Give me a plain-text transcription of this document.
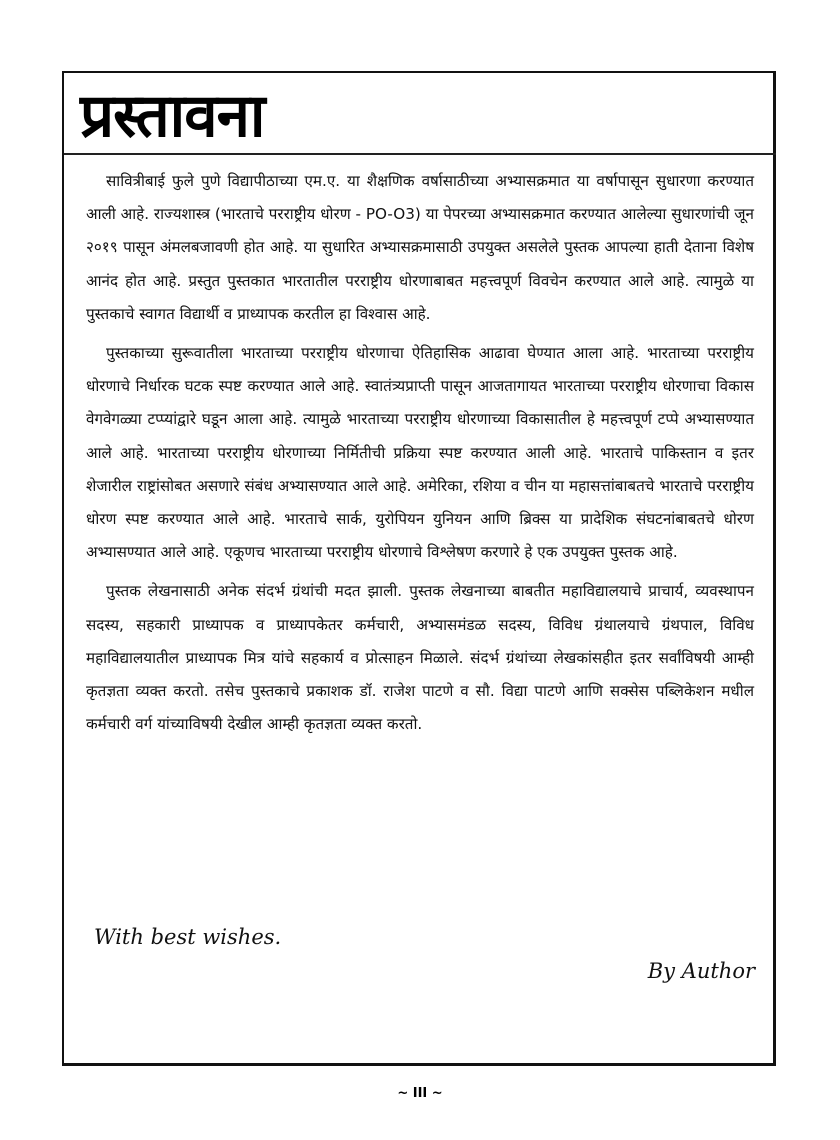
प्रस्तावना

सावित्रीबाई फुले पुणे विद्यापीठाच्या एम.ए. या शैक्षणिक वर्षासाठीच्या अभ्यासक्रमात या वर्षापासून सुधारणा करण्यात आली आहे. राज्यशास्त्र (भारताचे परराष्ट्रीय धोरण - PO-O3) या पेपरच्या अभ्यासक्रमात करण्यात आलेल्या सुधारणांची जून २०१९ पासून अंमलबजावणी होत आहे. या सुधारित अभ्यासक्रमासाठी उपयुक्त असलेले पुस्तक आपल्या हाती देताना विशेष आनंद होत आहे. प्रस्तुत पुस्तकात भारतातील परराष्ट्रीय धोरणाबाबत महत्त्वपूर्ण विवचेन करण्यात आले आहे. त्यामुळे या पुस्तकाचे स्वागत विद्यार्थी व प्राध्यापक करतील हा विश्वास आहे.

पुस्तकाच्या सुरूवातीला भारताच्या परराष्ट्रीय धोरणाचा ऐतिहासिक आढावा घेण्यात आला आहे. भारताच्या परराष्ट्रीय धोरणाचे निर्धारक घटक स्पष्ट करण्यात आले आहे. स्वातंत्र्यप्राप्ती पासून आजतागायत भारताच्या परराष्ट्रीय धोरणाचा विकास वेगवेगळ्या टप्प्यांद्वारे घडून आला आहे. त्यामुळे भारताच्या परराष्ट्रीय धोरणाच्या विकासातील हे महत्त्वपूर्ण टप्पे अभ्यासण्यात आले आहे. भारताच्या परराष्ट्रीय धोरणाच्या निर्मितीची प्रक्रिया स्पष्ट करण्यात आली आहे. भारताचे पाकिस्तान व इतर शेजारील राष्ट्रांसोबत असणारे संबंध अभ्यासण्यात आले आहे. अमेरिका, रशिया व चीन या महासत्तांबाबतचे भारताचे परराष्ट्रीय धोरण स्पष्ट करण्यात आले आहे. भारताचे सार्क, युरोपियन युनियन आणि ब्रिक्स या प्रादेशिक संघटनांबाबतचे धोरण अभ्यासण्यात आले आहे. एकूणच भारताच्या परराष्ट्रीय धोरणाचे विश्लेषण करणारे हे एक उपयुक्त पुस्तक आहे.

पुस्तक लेखनासाठी अनेक संदर्भ ग्रंथांची मदत झाली. पुस्तक लेखनाच्या बाबतीत महाविद्यालयाचे प्राचार्य, व्यवस्थापन सदस्य, सहकारी प्राध्यापक व प्राध्यापकेतर कर्मचारी, अभ्यासमंडळ सदस्य, विविध ग्रंथालयाचे ग्रंथपाल, विविध महाविद्यालयातील प्राध्यापक मित्र यांचे सहकार्य व प्रोत्साहन मिळाले. संदर्भ ग्रंथांच्या लेखकांसहीत इतर सर्वांविषयी आम्ही कृतज्ञता व्यक्त करतो. तसेच पुस्तकाचे प्रकाशक डॉ. राजेश पाटणे व सौ. विद्या पाटणे आणि सक्सेस पब्लिकेशन मधील कर्मचारी वर्ग यांच्याविषयी देखील आम्ही कृतज्ञता व्यक्त करतो.

With best wishes.
By Author
~ III ~
